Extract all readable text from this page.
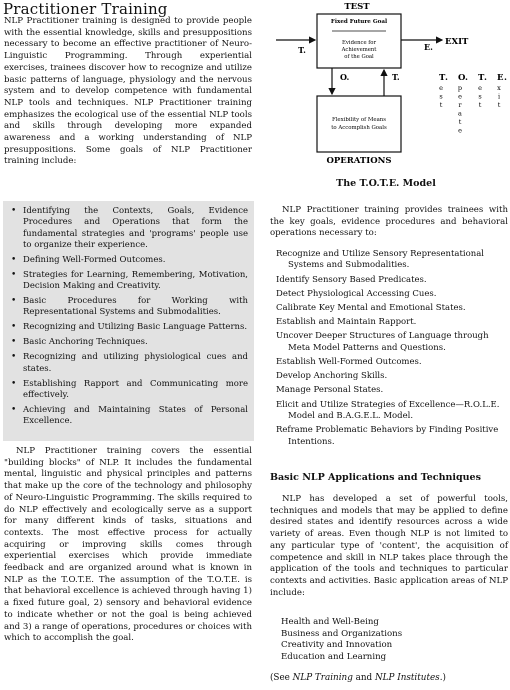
Practitioner Training

NLP Practitioner training is designed to provide people with the essential knowledge, skills and presuppositions necessary to become an effective practitioner of Neuro-Linguistic Programming. Through experiential exercises, trainees discover how to recognize and utilize basic patterns of language, physiology and the nervous system and to develop competence with fundamental NLP tools and techniques. NLP Practitioner training emphasizes the ecological use of the essential NLP tools and skills through developing more expanded awareness and a working understanding of NLP presuppositions. Some goals of NLP Practitioner training include:

• Identifying the Contexts, Goals, Evidence Procedures and Operations that form the fundamental strategies and 'programs' people use to organize their experience.
• Defining Well-Formed Outcomes.
• Strategies for Learning, Remembering, Motivation, Decision Making and Creativity.
• Basic Procedures for Working with Representational Systems and Submodalities.
• Recognizing and Utilizing Basic Language Patterns.
• Basic Anchoring Techniques.
• Recognizing and utilizing physiological cues and states.
• Establishing Rapport and Communicating more effectively.
• Achieving and Maintaining States of Personal Excellence.

NLP Practitioner training covers the essential "building blocks" of NLP. It includes the fundamental mental, linguistic and physical principles and patterns that make up the core of the technology and philosophy of Neuro-Linguistic Programming. The skills required to do NLP effectively and ecologically serve as a support for many different kinds of tasks, situations and contexts. The most effective process for actually acquiring or improving skills comes through experiential exercises which provide immediate feedback and are organized around what is known in NLP as the T.O.T.E. The assumption of the T.O.T.E. is that behavioral excellence is achieved through having 1) a fixed future goal, 2) sensory and behavioral evidence to indicate whether or not the goal is being achieved and 3) a range of operations, procedures or choices with which to accomplish the goal.

TEST
Fixed Future Goal
Evidence for
Achievement
of the Goal
T.
EXIT
E.
O.	T.
Flexibility of Means
to Accomplish Goals
OPERATIONS
T . O . T . E .
e s t
p e r a t e
e s t
x i t
The T.O.T.E. Model

NLP Practitioner training provides trainees with the key goals, evidence procedures and behavioral operations necessary to:

Recognize and Utilize Sensory Representational Systems and Submodalities.
Identify Sensory Based Predicates.
Detect Physiological Accessing Cues.
Calibrate Key Mental and Emotional States.
Establish and Maintain Rapport.
Uncover Deeper Structures of Language through Meta Model Patterns and Questions.
Establish Well-Formed Outcomes.
Develop Anchoring Skills.
Manage Personal States.
Elicit and Utilize Strategies of Excellence—R.O.L.E. Model and B.A.G.E.L. Model.
Reframe Problematic Behaviors by Finding Positive Intentions.
Basic NLP Applications and Techniques

NLP has developed a set of powerful tools, techniques and models that may be applied to define desired states and identify resources across a wide variety of areas. Even though NLP is not limited to any particular type of 'content', the acquisition of competence and skill in NLP takes place through the application of the tools and techniques to particular contexts and activities. Basic application areas of NLP include:

Health and Well-Being
Business and Organizations
Creativity and Innovation
Education and Learning
(See NLP Training and NLP Institutes.)
